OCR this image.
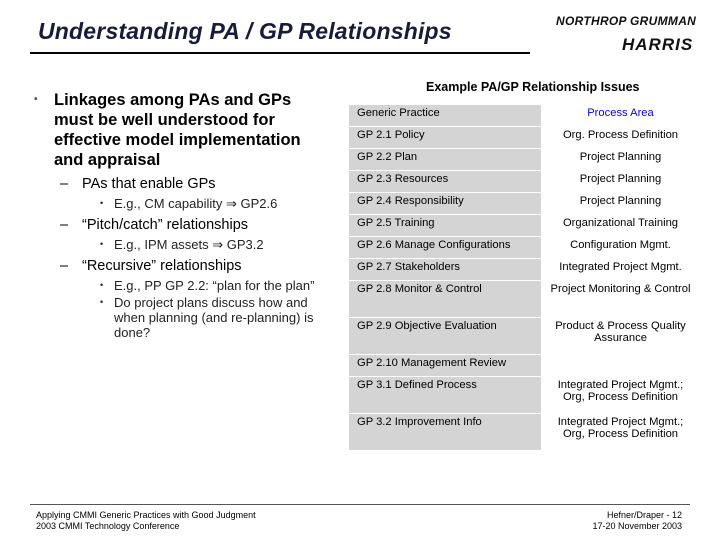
Understanding PA / GP Relationships	NORTHROP GRUMMAN
HARRIS
• Linkages among PAs and GPs must be well understood for effective model implementation and appraisal
– PAs that enable GPs
• E.g., CM capability ⇒ GP2.6
– “Pitch/catch” relationships
• E.g., IPM assets ⇒ GP3.2
– “Recursive” relationships
• E.g., PP GP 2.2: “plan for the plan”
• Do project plans discuss how and when planning (and re-planning) is done?
Example PA/GP Relationship Issues
Generic Practice	Process Area
GP 2.1 Policy	Org. Process Definition
GP 2.2 Plan	Project Planning
GP 2.3 Resources	Project Planning
GP 2.4 Responsibility	Project Planning
GP 2.5 Training	Organizational Training
GP 2.6 Manage Configurations	Configuration Mgmt.
GP 2.7 Stakeholders	Integrated Project Mgmt.
GP 2.8 Monitor & Control	Project Monitoring & Control
GP 2.9 Objective Evaluation	Product & Process Quality Assurance
GP 2.10 Management Review	
GP 3.1 Defined Process	Integrated Project Mgmt.; Org, Process Definition
GP 3.2 Improvement Info	Integrated Project Mgmt.; Org, Process Definition
Applying CMMI Generic Practices with Good Judgment
2003 CMMI Technology Conference
Hefner/Draper - 12
17-20 November 2003
